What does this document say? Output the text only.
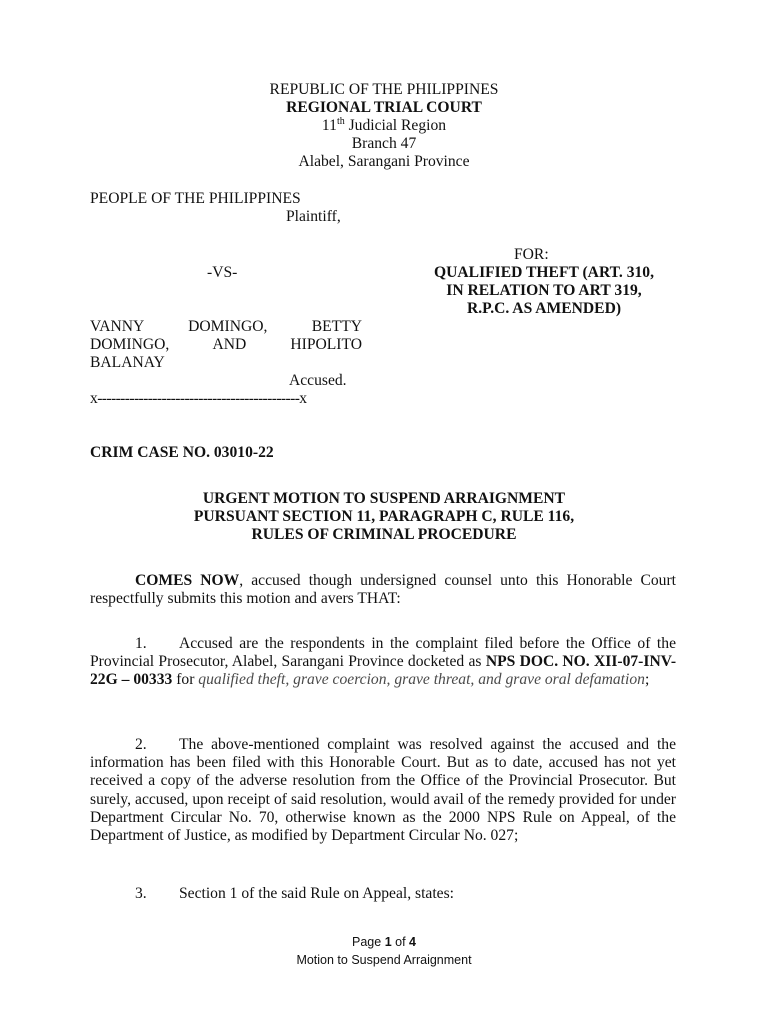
REPUBLIC OF THE PHILIPPINES
REGIONAL TRIAL COURT
11th Judicial Region
Branch 47
Alabel, Sarangani Province
PEOPLE OF THE PHILIPPINES
Plaintiff,
FOR:
-VS-	QUALIFIED THEFT (ART. 310,
IN RELATION TO ART 319,
R.P.C. AS AMENDED)
VANNY DOMINGO, BETTY
DOMINGO, AND HIPOLITO
BALANAY
Accused.
x--------------------------------------------x
CRIM CASE NO. 03010-22
URGENT MOTION TO SUSPEND ARRAIGNMENT
PURSUANT SECTION 11, PARAGRAPH C, RULE 116,
RULES OF CRIMINAL PROCEDURE
COMES NOW, accused though undersigned counsel unto this Honorable Court respectfully submits this motion and avers THAT:
1. Accused are the respondents in the complaint filed before the Office of the Provincial Prosecutor, Alabel, Sarangani Province docketed as NPS DOC. NO. XII-07-INV-22G – 00333 for qualified theft, grave coercion, grave threat, and grave oral defamation;
2. The above-mentioned complaint was resolved against the accused and the information has been filed with this Honorable Court. But as to date, accused has not yet received a copy of the adverse resolution from the Office of the Provincial Prosecutor. But surely, accused, upon receipt of said resolution, would avail of the remedy provided for under Department Circular No. 70, otherwise known as the 2000 NPS Rule on Appeal, of the Department of Justice, as modified by Department Circular No. 027;
3. Section 1 of the said Rule on Appeal, states:
Page 1 of 4
Motion to Suspend Arraignment
